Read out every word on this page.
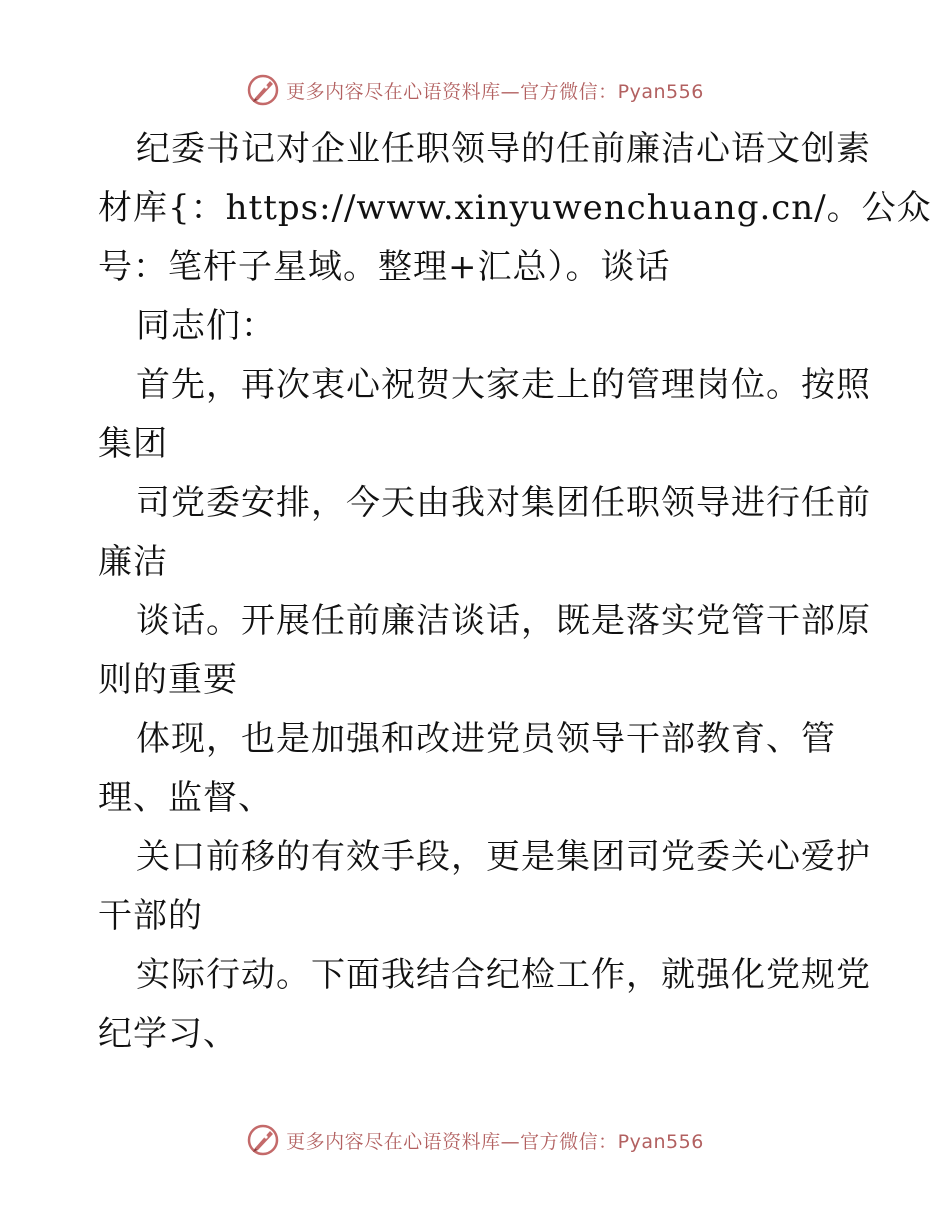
更多内容尽在心语资料库—官方微信：Pyan556
纪委书记对企业任职领导的任前廉洁心语文创素
材库{：https://www.xinyuwenchuang.cn/。公众
号：笔杆子星域。整理+汇总）。谈话
同志们：
首先，再次衷心祝贺大家走上的管理岗位。按照
集团
司党委安排，今天由我对集团任职领导进行任前
廉洁
谈话。开展任前廉洁谈话，既是落实党管干部原
则的重要
体现，也是加强和改进党员领导干部教育、管
理、监督、
关口前移的有效手段，更是集团司党委关心爱护
干部的
实际行动。下面我结合纪检工作，就强化党规党
纪学习、
更多内容尽在心语资料库—官方微信：Pyan556
